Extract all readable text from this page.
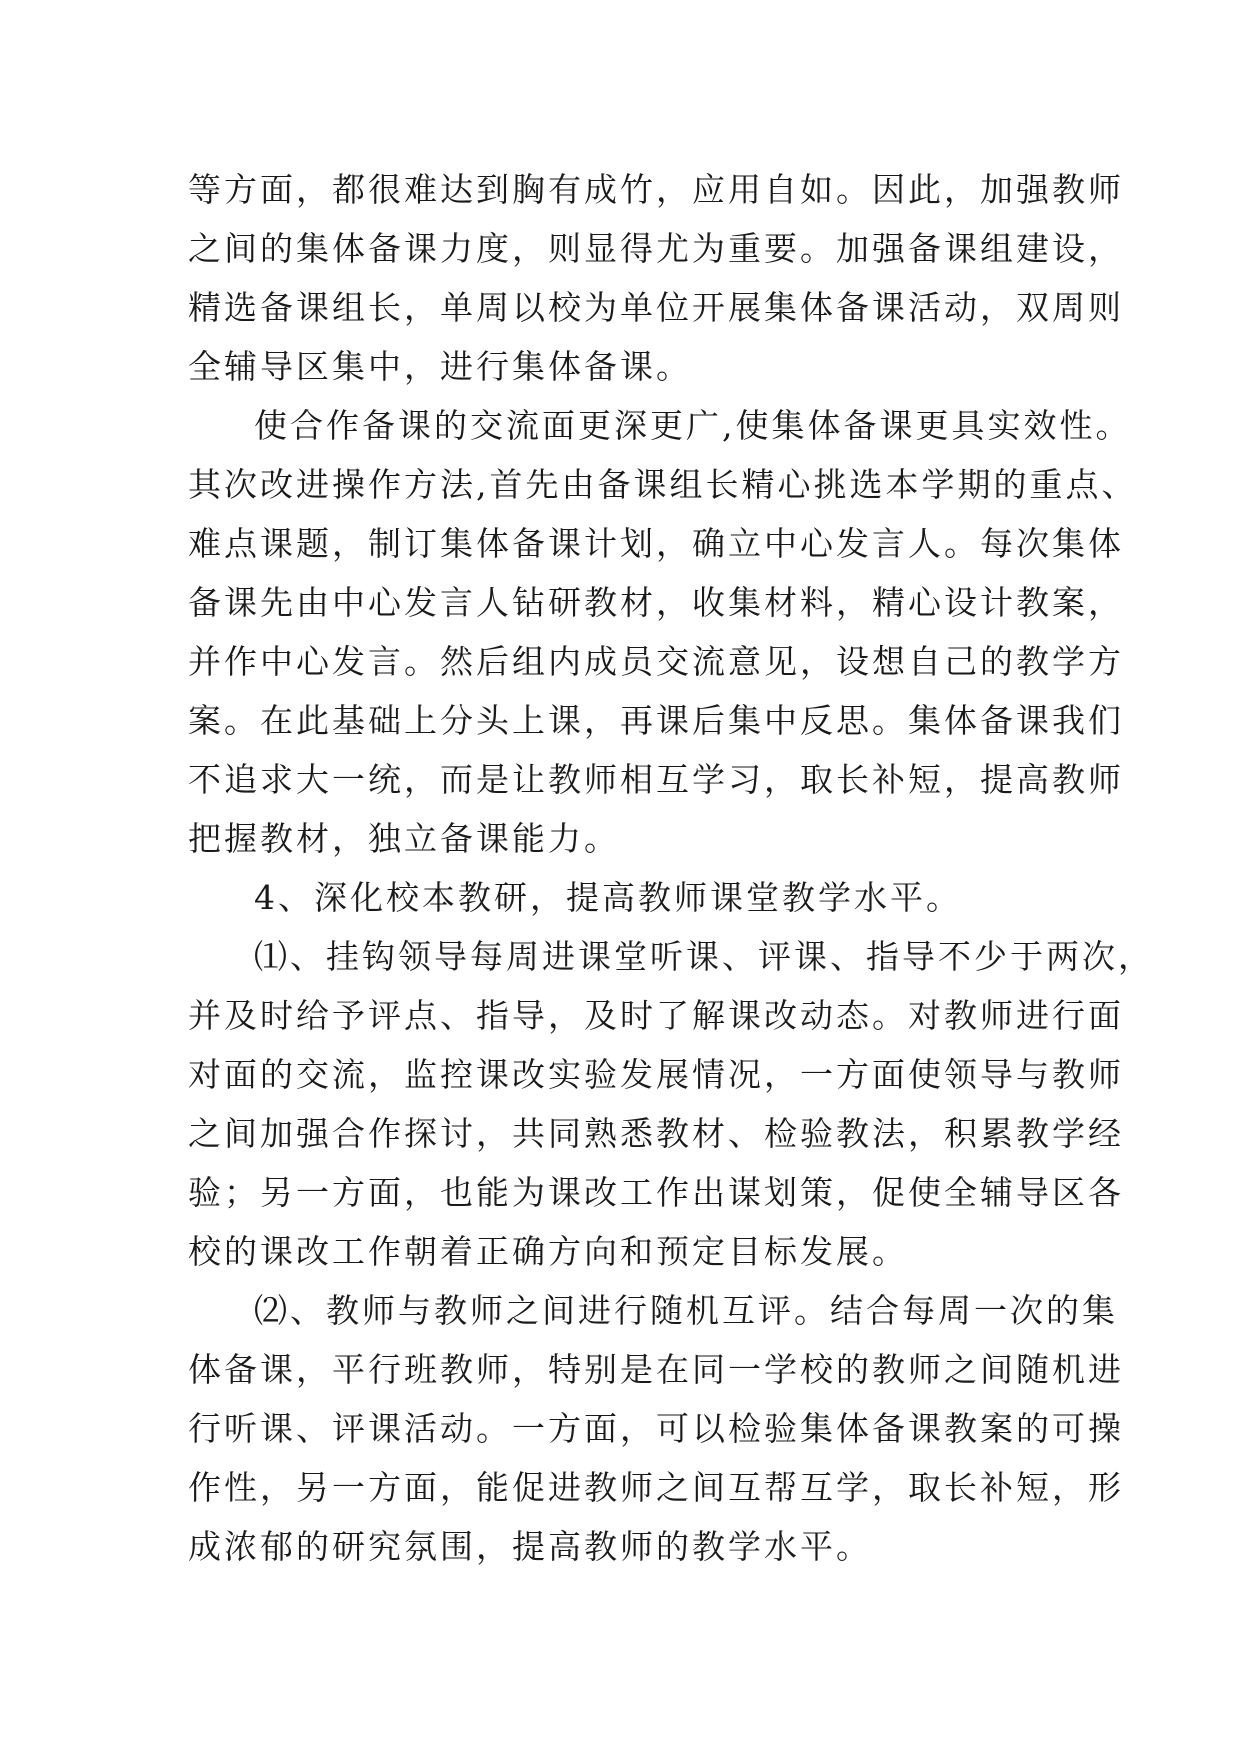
等方面，都很难达到胸有成竹，应用自如。因此，加强教师
之间的集体备课力度，则显得尤为重要。加强备课组建设，
精选备课组长，单周以校为单位开展集体备课活动，双周则
全辅导区集中，进行集体备课。
使合作备课的交流面更深更广,使集体备课更具实效性。
其次改进操作方法,首先由备课组长精心挑选本学期的重点、
难点课题，制订集体备课计划，确立中心发言人。每次集体
备课先由中心发言人钻研教材，收集材料，精心设计教案，
并作中心发言。然后组内成员交流意见，设想自己的教学方
案。在此基础上分头上课，再课后集中反思。集体备课我们
不追求大一统，而是让教师相互学习，取长补短，提高教师
把握教材，独立备课能力。
4、深化校本教研，提高教师课堂教学水平。
⑴、挂钩领导每周进课堂听课、评课、指导不少于两次，
并及时给予评点、指导，及时了解课改动态。对教师进行面
对面的交流，监控课改实验发展情况，一方面使领导与教师
之间加强合作探讨，共同熟悉教材、检验教法，积累教学经
验；另一方面，也能为课改工作出谋划策，促使全辅导区各
校的课改工作朝着正确方向和预定目标发展。
⑵、教师与教师之间进行随机互评。结合每周一次的集
体备课，平行班教师，特别是在同一学校的教师之间随机进
行听课、评课活动。一方面，可以检验集体备课教案的可操
作性，另一方面，能促进教师之间互帮互学，取长补短，形
成浓郁的研究氛围，提高教师的教学水平。
